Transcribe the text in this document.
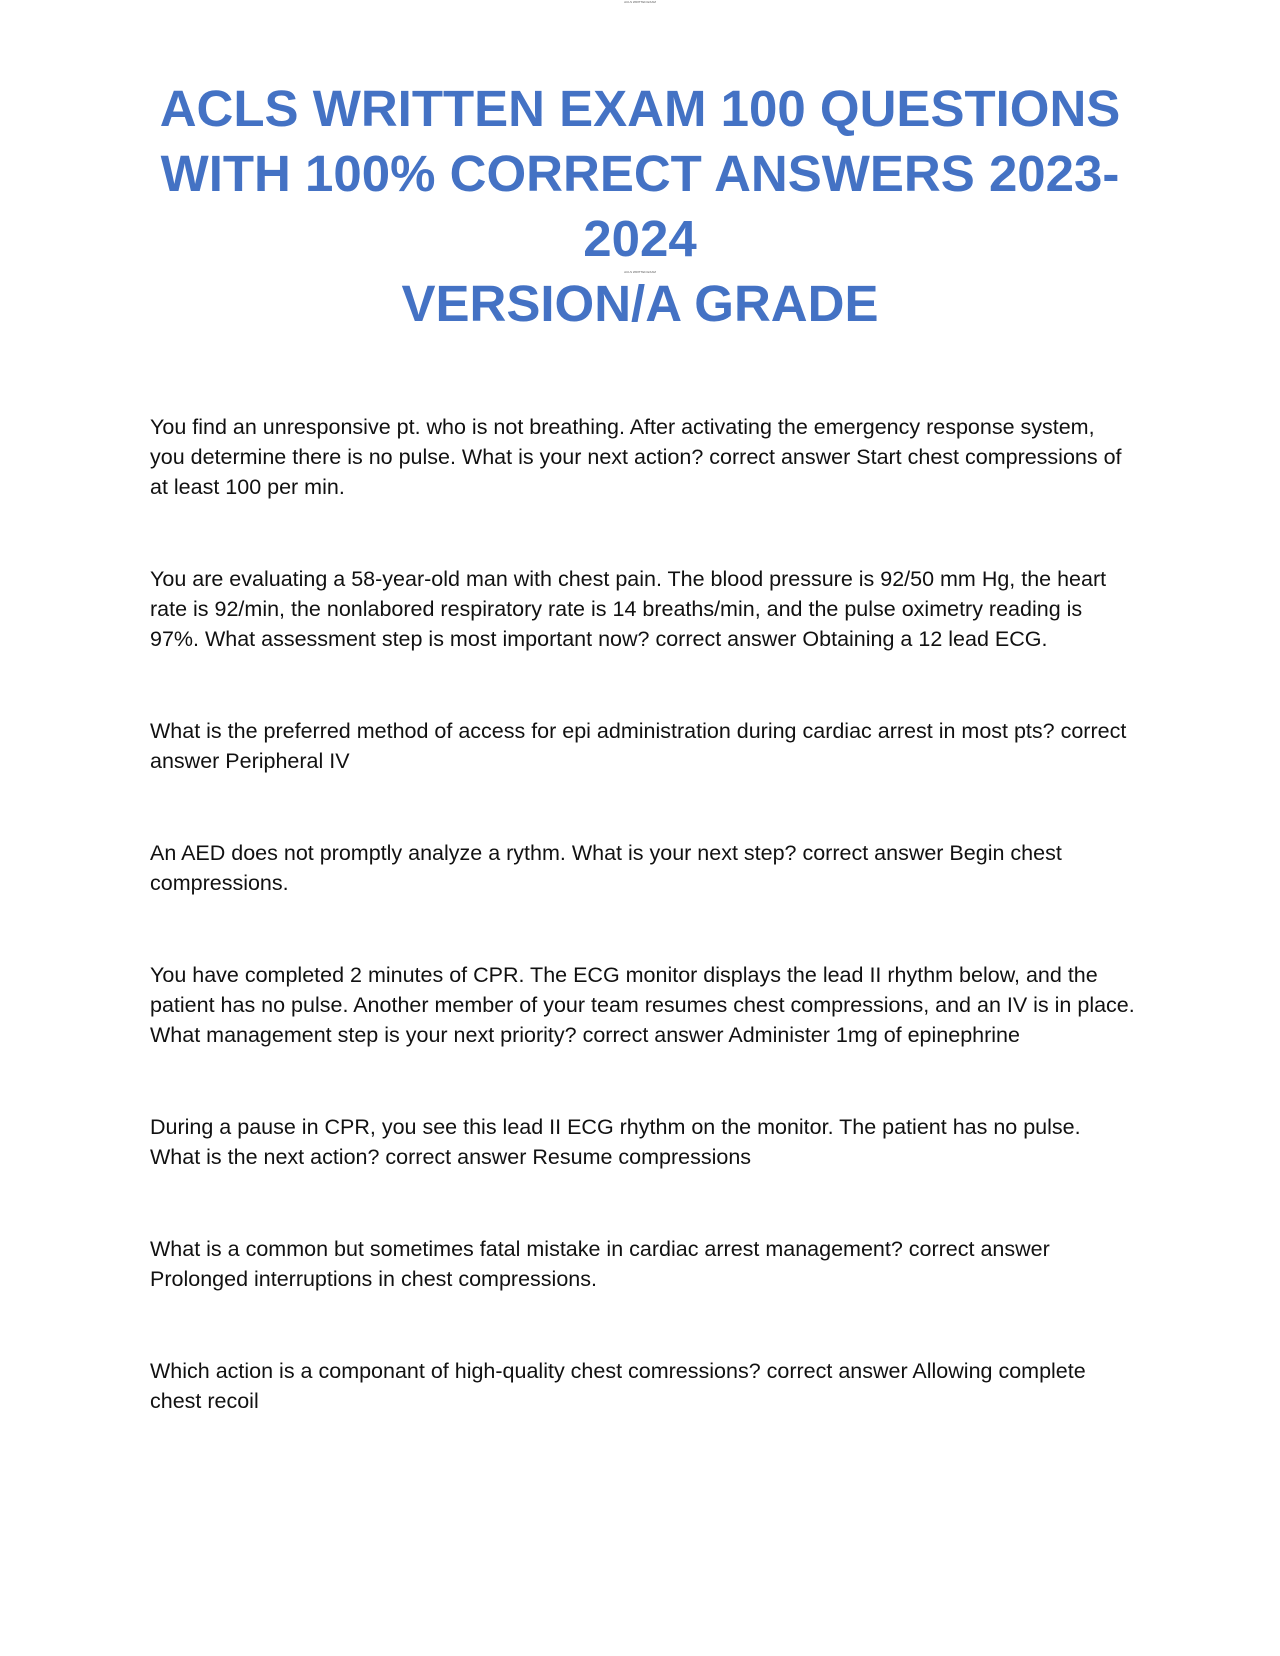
ACLS WRITTEN EXAM
ACLS WRITTEN EXAM 100 QUESTIONS
WITH 100% CORRECT ANSWERS 2023-2024
VERSION/A GRADE
ACLS WRITTEN EXAM

You find an unresponsive pt. who is not breathing. After activating the emergency response system, you determine there is no pulse. What is your next action? correct answer Start chest compressions of at least 100 per min.

You are evaluating a 58-year-old man with chest pain. The blood pressure is 92/50 mm Hg, the heart rate is 92/min, the nonlabored respiratory rate is 14 breaths/min, and the pulse oximetry reading is 97%. What assessment step is most important now? correct answer Obtaining a 12 lead ECG.

What is the preferred method of access for epi administration during cardiac arrest in most pts? correct answer Peripheral IV

An AED does not promptly analyze a rythm. What is your next step? correct answer Begin chest compressions.

You have completed 2 minutes of CPR. The ECG monitor displays the lead II rhythm below, and the patient has no pulse. Another member of your team resumes chest compressions, and an IV is in place. What management step is your next priority? correct answer Administer 1mg of epinephrine

During a pause in CPR, you see this lead II ECG rhythm on the monitor. The patient has no pulse. What is the next action? correct answer Resume compressions

What is a common but sometimes fatal mistake in cardiac arrest management? correct answer Prolonged interruptions in chest compressions.

Which action is a componant of high-quality chest comressions? correct answer Allowing complete chest recoil
